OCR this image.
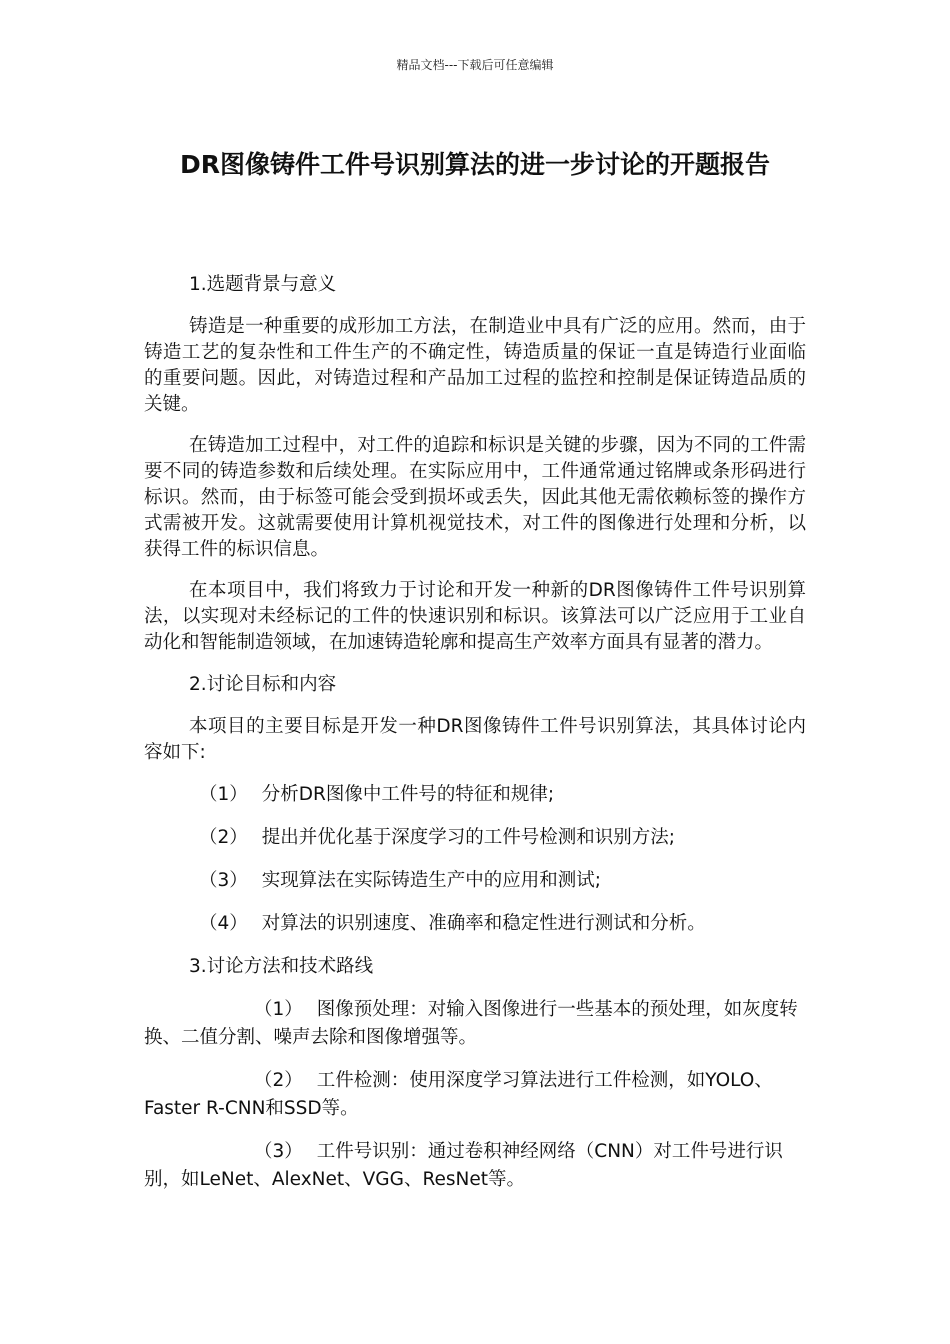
精品文档---下载后可任意编辑
DR图像铸件工件号识别算法的进一步讨论的开题报告

1.选题背景与意义

铸造是一种重要的成形加工方法，在制造业中具有广泛的应用。然而，由于铸造工艺的复杂性和工件生产的不确定性，铸造质量的保证一直是铸造行业面临的重要问题。因此，对铸造过程和产品加工过程的监控和控制是保证铸造品质的关键。

在铸造加工过程中，对工件的追踪和标识是关键的步骤，因为不同的工件需要不同的铸造参数和后续处理。在实际应用中，工件通常通过铭牌或条形码进行标识。然而，由于标签可能会受到损坏或丢失，因此其他无需依赖标签的操作方式需被开发。这就需要使用计算机视觉技术，对工件的图像进行处理和分析，以获得工件的标识信息。

在本项目中，我们将致力于讨论和开发一种新的DR图像铸件工件号识别算法，以实现对未经标记的工件的快速识别和标识。该算法可以广泛应用于工业自动化和智能制造领域，在加速铸造轮廓和提高生产效率方面具有显著的潜力。

2.讨论目标和内容

本项目的主要目标是开发一种DR图像铸件工件号识别算法，其具体讨论内容如下:

（1） 分析DR图像中工件号的特征和规律;
（2） 提出并优化基于深度学习的工件号检测和识别方法;
（3） 实现算法在实际铸造生产中的应用和测试;
（4） 对算法的识别速度、准确率和稳定性进行测试和分析。

3.讨论方法和技术路线

（1） 图像预处理：对输入图像进行一些基本的预处理，如灰度转换、二值分割、噪声去除和图像增强等。

（2） 工件检测：使用深度学习算法进行工件检测，如YOLO、Faster R-CNN和SSD等。

（3） 工件号识别：通过卷积神经网络（CNN）对工件号进行识别，如LeNet、AlexNet、VGG、ResNet等。
